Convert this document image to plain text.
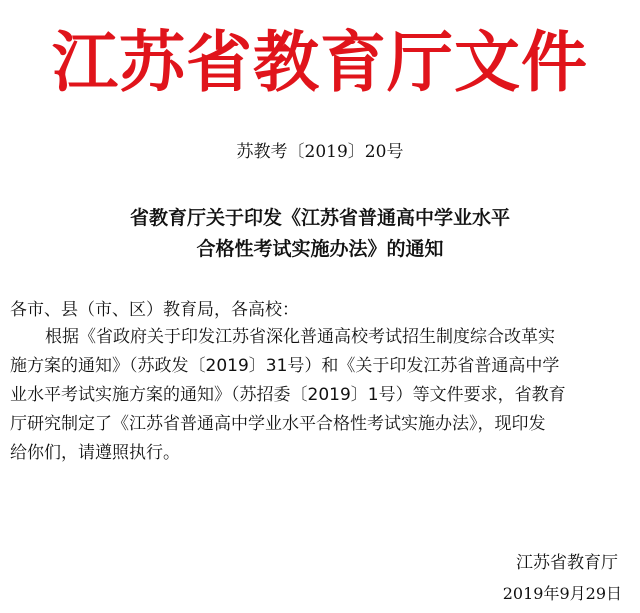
江苏省教育厅文件
苏教考〔2019〕20号
省教育厅关于印发《江苏省普通高中学业水平
合格性考试实施办法》的通知
各市、县（市、区）教育局，各高校：
根据《省政府关于印发江苏省深化普通高校考试招生制度综合改革实
施方案的通知》（苏政发〔2019〕31号）和《关于印发江苏省普通高中学
业水平考试实施方案的通知》（苏招委〔2019〕1号）等文件要求，省教育
厅研究制定了《江苏省普通高中学业水平合格性考试实施办法》，现印发
给你们，请遵照执行。
江苏省教育厅
2019年9月29日
